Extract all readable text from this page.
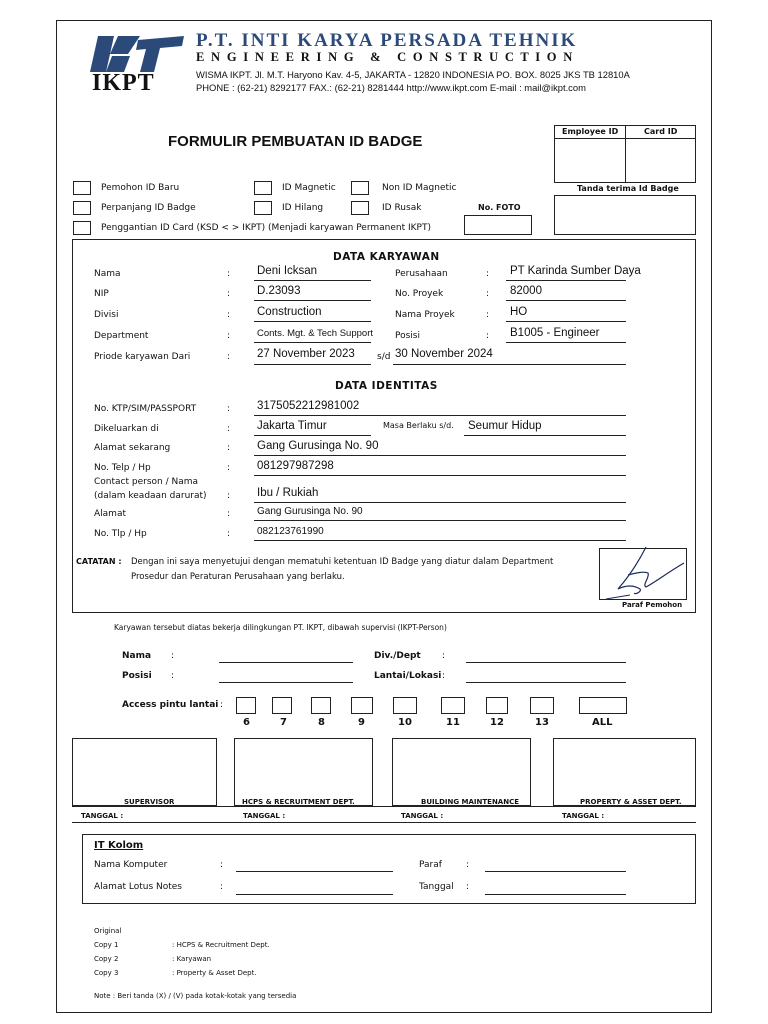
IKPT
P.T. INTI KARYA PERSADA TEHNIK
E N G I N E E R I N G   &   C O N S T R U C T I O N
WISMA IKPT. Jl. M.T. Haryono Kav. 4-5, JAKARTA - 12820 INDONESIA PO. BOX. 8025 JKS TB 12810A
PHONE : (62-21) 8292177 FAX.: (62-21) 8281444 http://www.ikpt.com E-mail : mail@ikpt.com
FORMULIR PEMBUATAN ID BADGE
Employee ID	Card ID
Tanda terima Id Badge
No. FOTO
Pemohon ID Baru
Perpanjang ID Badge
Penggantian ID Card (KSD < > IKPT) (Menjadi karyawan Permanent IKPT)
ID Magnetic
ID Hilang
Non ID Magnetic
ID Rusak
DATA KARYAWAN
Nama	: Deni Icksan
NIP	: D.23093
Divisi	: Construction
Department	:	Conts. Mgt. & Tech Support
Priode karyawan Dari	: 27 November 2023 s/d 30 November 2024
Perusahaan	: PT Karinda Sumber Daya
No. Proyek	: 82000
Nama Proyek	: HO
Posisi	: B1005 - Engineer
DATA IDENTITAS
No. KTP/SIM/PASSPORT	: 3175052212981002
Dikeluarkan di	: Jakarta Timur	Masa Berlaku s/d. Seumur Hidup
Alamat sekarang	: Gang Gurusinga No. 90
No. Telp / Hp	: 081297987298
Contact person / Nama
(dalam keadaan darurat) : Ibu / Rukiah
Alamat	:	Gang Gurusinga No. 90
No. Tlp / Hp	:	082123761990
CATATAN : Dengan ini saya menyetujui dengan mematuhi ketentuan ID Badge yang diatur dalam Department
Prosedur dan Peraturan Perusahaan yang berlaku.
Paraf Pemohon
Karyawan tersebut diatas bekerja dilingkungan PT. IKPT, dibawah supervisi (IKPT-Person)
Nama :
Posisi :
Div./Dept :
Lantai/Lokasi :
Access pintu lantai :
6	7	8	9	10	11	12	13	ALL
SUPERVISOR	HCPS & RECRUITMENT DEPT.	BUILDING MAINTENANCE	PROPERTY & ASSET DEPT.
TANGGAL :	TANGGAL :	TANGGAL :	TANGGAL :
IT Kolom
Nama Komputer	:
Alamat Lotus Notes	:
Paraf	:
Tanggal :
Original
Copy 1	: HCPS & Recruitment Dept.
Copy 2	: Karyawan
Copy 3	: Property & Asset Dept.
Note : Beri tanda (X) / (V) pada kotak-kotak yang tersedia
